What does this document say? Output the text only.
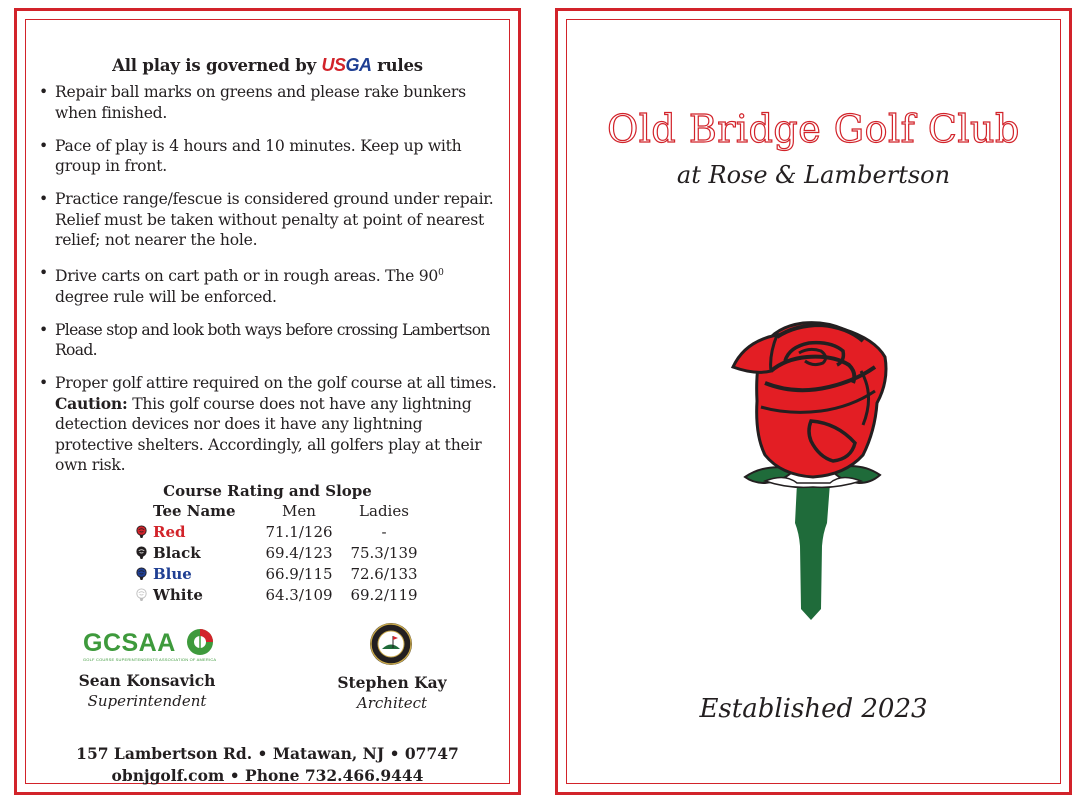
All play is governed by USGA rules
• Repair ball marks on greens and please rake bunkers when finished.
• Pace of play is 4 hours and 10 minutes. Keep up with group in front.
• Practice range/fescue is considered ground under repair. Relief must be taken without penalty at point of nearest relief; not nearer the hole.
• Drive carts on cart path or in rough areas. The $90^0$ degree rule will be enforced.
• Please stop and look both ways before crossing Lambertson Road.
• Proper golf attire required on the golf course at all times.
Caution: This golf course does not have any lightning detection devices nor does it have any lightning protective shelters. Accordingly, all golfers play at their own risk.
Course Rating and Slope
Tee Name	Men	Ladies
Red	71.1/126	-
Black	69.4/123	75.3/139
Blue	66.9/115	72.6/133
White	64.3/109	69.2/119
GCSAA
GOLF COURSE SUPERINTENDENTS ASSOCIATION OF AMERICA
Sean Konsavich
Superintendent
Stephen Kay
Architect
157 Lambertson Rd. • Matawan, NJ • 07747
obnjgolf.com • Phone 732.466.9444
Old Bridge Golf Club
at Rose & Lambertson
Established 2023
